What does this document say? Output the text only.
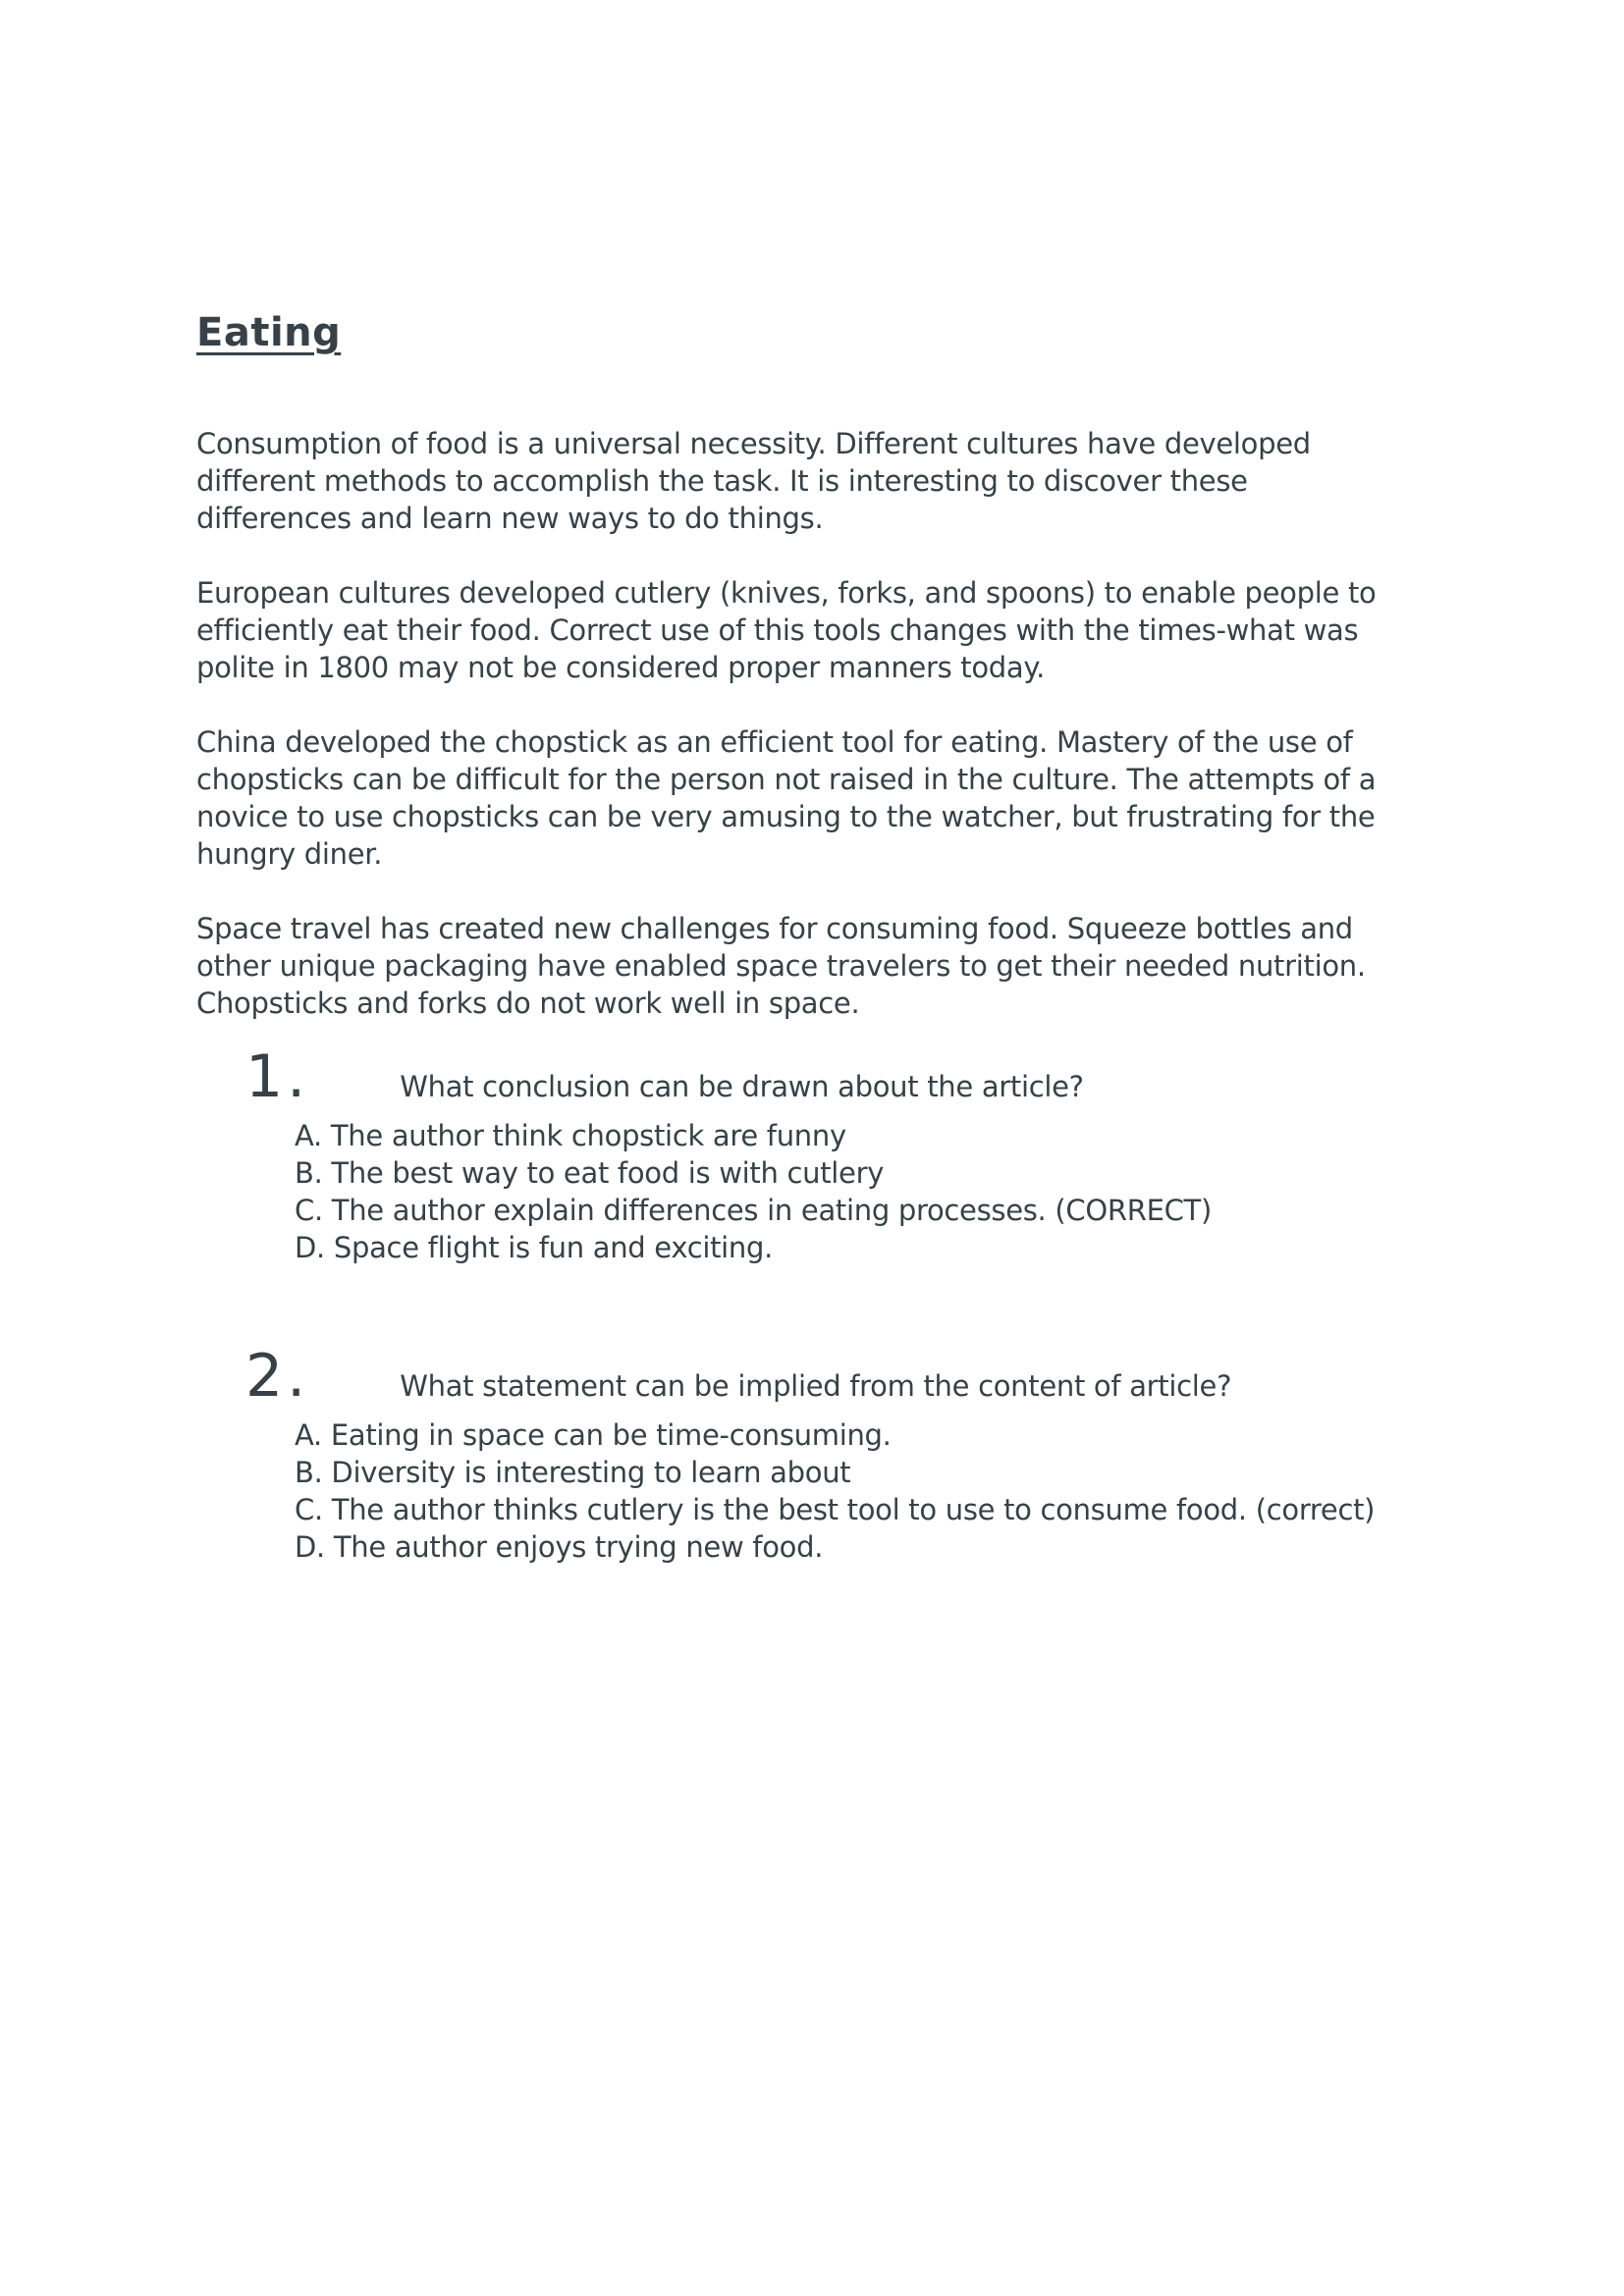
Eating

Consumption of food is a universal necessity. Different cultures have developed
different methods to accomplish the task. It is interesting to discover these
differences and learn new ways to do things.

European cultures developed cutlery (knives, forks, and spoons) to enable people to
efficiently eat their food. Correct use of this tools changes with the times-what was
polite in 1800 may not be considered proper manners today.

China developed the chopstick as an efficient tool for eating. Mastery of the use of
chopsticks can be difficult for the person not raised in the culture. The attempts of a
novice to use chopsticks can be very amusing to the watcher, but frustrating for the
hungry diner.

Space travel has created new challenges for consuming food. Squeeze bottles and
other unique packaging have enabled space travelers to get their needed nutrition.
Chopsticks and forks do not work well in space.

1.	What conclusion can be drawn about the article?

A. The author think chopstick are funny
B. The best way to eat food is with cutlery
C. The author explain differences in eating processes. (CORRECT)
D. Space flight is fun and exciting.

2.	What statement can be implied from the content of article?

A. Eating in space can be time-consuming.
B. Diversity is interesting to learn about
C. The author thinks cutlery is the best tool to use to consume food. (correct)
D. The author enjoys trying new food.
